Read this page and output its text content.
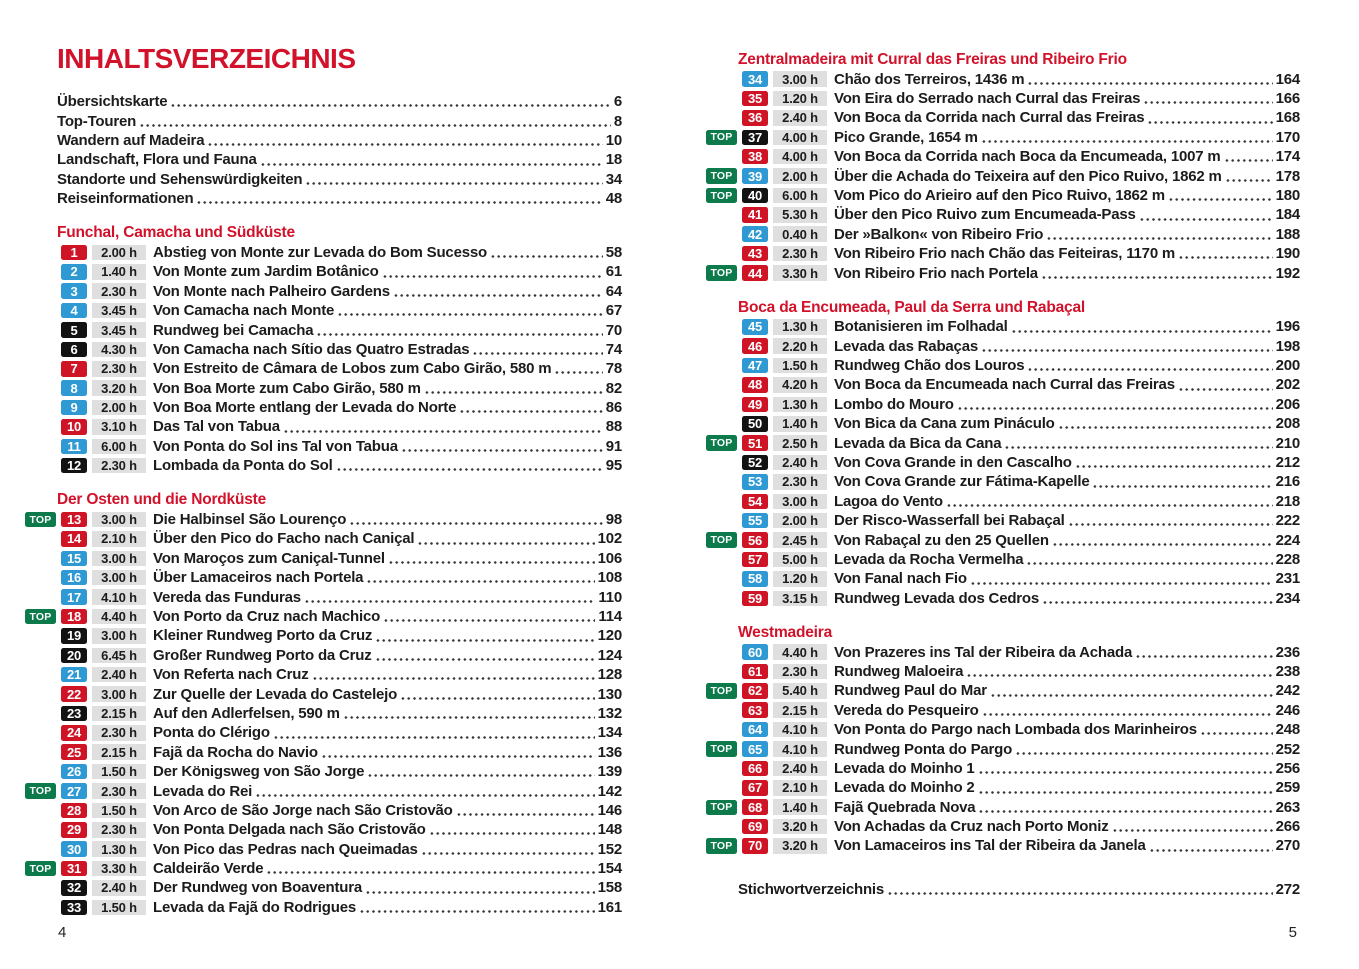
INHALTSVERZEICHNIS
Übersichtskarte	6
Top-Touren	8
Wandern auf Madeira	10
Landschaft, Flora und Fauna	18
Standorte und Sehenswürdigkeiten	34
Reiseinformationen	48
Funchal, Camacha und Südküste
1	2.00 h	Abstieg von Monte zur Levada do Bom Sucesso	58
2	1.40 h	Von Monte zum Jardim Botânico	61
3	2.30 h	Von Monte nach Palheiro Gardens	64
4	3.45 h	Von Camacha nach Monte	67
5	3.45 h	Rundweg bei Camacha	70
6	4.30 h	Von Camacha nach Sítio das Quatro Estradas	74
7	2.30 h	Von Estreito de Câmara de Lobos zum Cabo Girão, 580 m	78
8	3.20 h	Von Boa Morte zum Cabo Girão, 580 m	82
9	2.00 h	Von Boa Morte entlang der Levada do Norte	86
10	3.10 h	Das Tal von Tabua	88
11	6.00 h	Von Ponta do Sol ins Tal von Tabua	91
12	2.30 h	Lombada da Ponta do Sol	95
Der Osten und die Nordküste
TOP	13	3.00 h	Die Halbinsel São Lourenço	98
14	2.10 h	Über den Pico do Facho nach Caniçal	102
15	3.00 h	Von Maroços zum Caniçal-Tunnel	106
16	3.00 h	Über Lamaceiros nach Portela	108
17	4.10 h	Vereda das Funduras	110
TOP	18	4.40 h	Von Porto da Cruz nach Machico	114
19	3.00 h	Kleiner Rundweg Porto da Cruz	120
20	6.45 h	Großer Rundweg Porto da Cruz	124
21	2.40 h	Von Referta nach Cruz	128
22	3.00 h	Zur Quelle der Levada do Castelejo	130
23	2.15 h	Auf den Adlerfelsen, 590 m	132
24	2.30 h	Ponta do Clérigo	134
25	2.15 h	Fajã da Rocha do Navio	136
26	1.50 h	Der Königsweg von São Jorge	139
TOP	27	2.30 h	Levada do Rei	142
28	1.50 h	Von Arco de São Jorge nach São Cristovão	146
29	2.30 h	Von Ponta Delgada nach São Cristovão	148
30	1.30 h	Von Pico das Pedras nach Queimadas	152
TOP	31	3.30 h	Caldeirão Verde	154
32	2.40 h	Der Rundweg von Boaventura	158
33	1.50 h	Levada da Fajã do Rodrigues	161
Zentralmadeira mit Curral das Freiras und Ribeiro Frio
34	3.00 h	Chão dos Terreiros, 1436 m	164
35	1.20 h	Von Eira do Serrado nach Curral das Freiras	166
36	2.40 h	Von Boca da Corrida nach Curral das Freiras	168
TOP	37	4.00 h	Pico Grande, 1654 m	170
38	4.00 h	Von Boca da Corrida nach Boca da Encumeada, 1007 m	174
TOP	39	2.00 h	Über die Achada do Teixeira auf den Pico Ruivo, 1862 m	178
TOP	40	6.00 h	Vom Pico do Arieiro auf den Pico Ruivo, 1862 m	180
41	5.30 h	Über den Pico Ruivo zum Encumeada-Pass	184
42	0.40 h	Der »Balkon« von Ribeiro Frio	188
43	2.30 h	Von Ribeiro Frio nach Chão das Feiteiras, 1170 m	190
TOP	44	3.30 h	Von Ribeiro Frio nach Portela	192
Boca da Encumeada, Paul da Serra und Rabaçal
45	1.30 h	Botanisieren im Folhadal	196
46	2.20 h	Levada das Rabaças	198
47	1.50 h	Rundweg Chão dos Louros	200
48	4.20 h	Von Boca da Encumeada nach Curral das Freiras	202
49	1.30 h	Lombo do Mouro	206
50	1.40 h	Von Bica da Cana zum Pináculo	208
TOP	51	2.50 h	Levada da Bica da Cana	210
52	2.40 h	Von Cova Grande in den Cascalho	212
53	2.30 h	Von Cova Grande zur Fátima-Kapelle	216
54	3.00 h	Lagoa do Vento	218
55	2.00 h	Der Risco-Wasserfall bei Rabaçal	222
TOP	56	2.45 h	Von Rabaçal zu den 25 Quellen	224
57	5.00 h	Levada da Rocha Vermelha	228
58	1.20 h	Von Fanal nach Fio	231
59	3.15 h	Rundweg Levada dos Cedros	234
Westmadeira
60	4.40 h	Von Prazeres ins Tal der Ribeira da Achada	236
61	2.30 h	Rundweg Maloeira	238
TOP	62	5.40 h	Rundweg Paul do Mar	242
63	2.15 h	Vereda do Pesqueiro	246
64	4.10 h	Von Ponta do Pargo nach Lombada dos Marinheiros	248
TOP	65	4.10 h	Rundweg Ponta do Pargo	252
66	2.40 h	Levada do Moinho 1	256
67	2.10 h	Levada do Moinho 2	259
TOP	68	1.40 h	Fajã Quebrada Nova	263
69	3.20 h	Von Achadas da Cruz nach Porto Moniz	266
TOP	70	3.20 h	Von Lamaceiros ins Tal der Ribeira da Janela	270
Stichwortverzeichnis	272
4	5
